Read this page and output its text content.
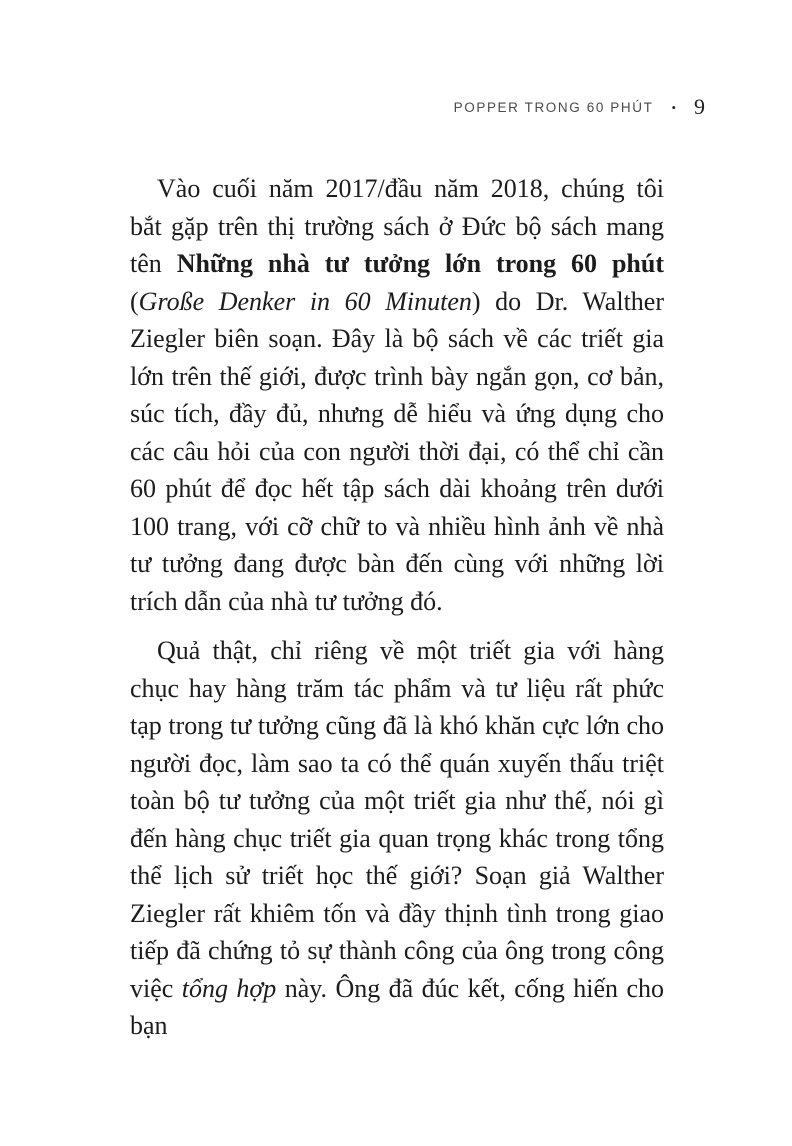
POPPER TRONG 60 PHÚT • 9

Vào cuối năm 2017/đầu năm 2018, chúng tôi bắt gặp trên thị trường sách ở Đức bộ sách mang tên Những nhà tư tưởng lớn trong 60 phút (Große Denker in 60 Minuten) do Dr. Walther Ziegler biên soạn. Đây là bộ sách về các triết gia lớn trên thế giới, được trình bày ngắn gọn, cơ bản, súc tích, đầy đủ, nhưng dễ hiểu và ứng dụng cho các câu hỏi của con người thời đại, có thể chỉ cần 60 phút để đọc hết tập sách dài khoảng trên dưới 100 trang, với cỡ chữ to và nhiều hình ảnh về nhà tư tưởng đang được bàn đến cùng với những lời trích dẫn của nhà tư tưởng đó.

Quả thật, chỉ riêng về một triết gia với hàng chục hay hàng trăm tác phẩm và tư liệu rất phức tạp trong tư tưởng cũng đã là khó khăn cực lớn cho người đọc, làm sao ta có thể quán xuyến thấu triệt toàn bộ tư tưởng của một triết gia như thế, nói gì đến hàng chục triết gia quan trọng khác trong tổng thể lịch sử triết học thế giới? Soạn giả Walther Ziegler rất khiêm tốn và đầy thịnh tình trong giao tiếp đã chứng tỏ sự thành công của ông trong công việc tổng hợp này. Ông đã đúc kết, cống hiến cho bạn
